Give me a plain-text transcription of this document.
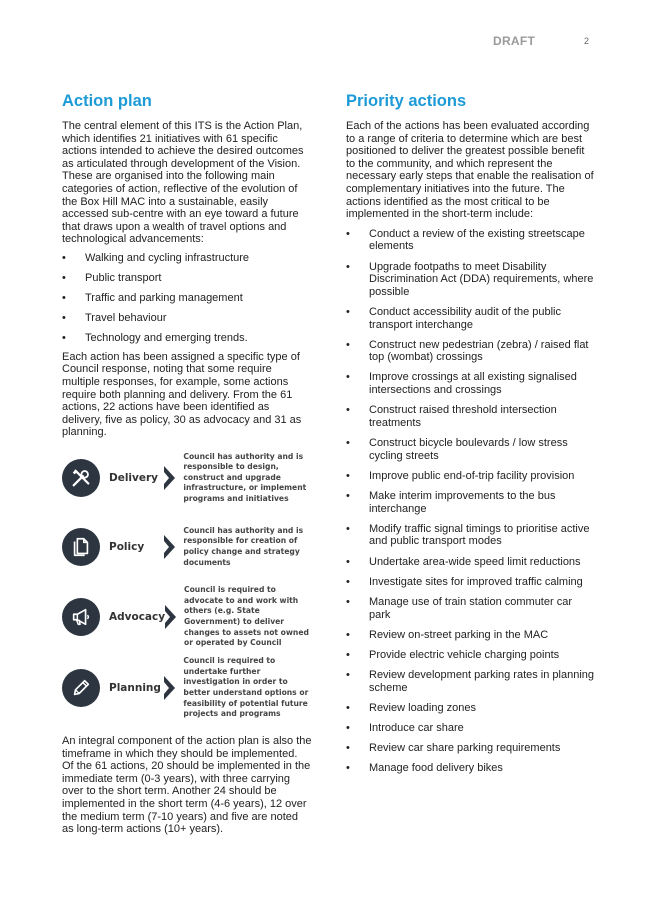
DRAFT	2
Action plan

The central element of this ITS is the Action Plan, which identifies 21 initiatives with 61 specific actions intended to achieve the desired outcomes as articulated through development of the Vision. These are organised into the following main categories of action, reflective of the evolution of the Box Hill MAC into a sustainable, easily accessed sub-centre with an eye toward a future that draws upon a wealth of travel options and technological advancements:

• Walking and cycling infrastructure
• Public transport
• Traffic and parking management
• Travel behaviour
• Technology and emerging trends.

Each action has been assigned a specific type of Council response, noting that some require multiple responses, for example, some actions require both planning and delivery. From the 61 actions, 22 actions have been identified as delivery, five as policy, 30 as advocacy and 31 as planning.

Delivery
Council has authority and is responsible to design, construct and upgrade infrastructure, or implement programs and initiatives
Policy
Council has authority and is responsible for creation of policy change and strategy documents
Advocacy
Council is required to advocate to and work with others (e.g. State Government) to deliver changes to assets not owned or operated by Council
Planning
Council is required to undertake further investigation in order to better understand options or feasibility of potential future projects and programs

An integral component of the action plan is also the timeframe in which they should be implemented. Of the 61 actions, 20 should be implemented in the immediate term (0-3 years), with three carrying over to the short term. Another 24 should be implemented in the short term (4-6 years), 12 over the medium term (7-10 years) and five are noted as long-term actions (10+ years).

Priority actions

Each of the actions has been evaluated according to a range of criteria to determine which are best positioned to deliver the greatest possible benefit to the community, and which represent the necessary early steps that enable the realisation of complementary initiatives into the future. The actions identified as the most critical to be implemented in the short-term include:

• Conduct a review of the existing streetscape elements
• Upgrade footpaths to meet Disability Discrimination Act (DDA) requirements, where possible
• Conduct accessibility audit of the public transport interchange
• Construct new pedestrian (zebra) / raised flat top (wombat) crossings
• Improve crossings at all existing signalised intersections and crossings
• Construct raised threshold intersection treatments
• Construct bicycle boulevards / low stress cycling streets
• Improve public end-of-trip facility provision
• Make interim improvements to the bus interchange
• Modify traffic signal timings to prioritise active and public transport modes
• Undertake area-wide speed limit reductions
• Investigate sites for improved traffic calming
• Manage use of train station commuter car park
• Review on-street parking in the MAC
• Provide electric vehicle charging points
• Review development parking rates in planning scheme
• Review loading zones
• Introduce car share
• Review car share parking requirements
• Manage food delivery bikes
